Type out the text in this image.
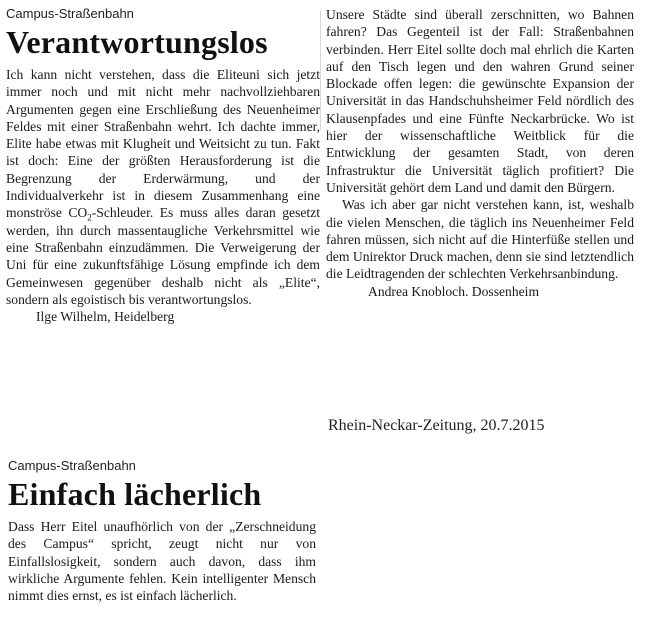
Campus-Straßenbahn

Verantwortungslos

Ich kann nicht verstehen, dass die Eliteuni sich jetzt immer noch und mit nicht mehr nachvollziehbaren Argumenten gegen eine Erschließung des Neuenheimer Feldes mit einer Straßenbahn wehrt. Ich dachte immer, Elite habe etwas mit Klugheit und Weitsicht zu tun. Fakt ist doch: Eine der größten Herausforderung ist die Begrenzung der Erderwärmung, und der Individualverkehr ist in diesem Zusammenhang eine monströse $CO_2$-Schleuder. Es muss alles daran gesetzt werden, ihn durch massentaugliche Verkehrsmittel wie eine Straßenbahn einzudämmen. Die Verweigerung der Uni für eine zukunftsfähige Lösung empfinde ich dem Gemeinwesen gegenüber deshalb nicht als „Elite“, sondern als egoistisch bis verantwortungslos.

Ilge Wilhelm, Heidelberg

Unsere Städte sind überall zerschnitten, wo Bahnen fahren? Das Gegenteil ist der Fall: Straßenbahnen verbinden. Herr Eitel sollte doch mal ehrlich die Karten auf den Tisch legen und den wahren Grund seiner Blockade offen legen: die gewünschte Expansion der Universität in das Handschuhsheimer Feld nördlich des Klausenpfades und eine Fünfte Neckarbrücke. Wo ist hier der wissenschaftliche Weitblick für die Entwicklung der gesamten Stadt, von deren Infrastruktur die Universität täglich profitiert? Die Universität gehört dem Land und damit den Bürgern.

Was ich aber gar nicht verstehen kann, ist, weshalb die vielen Menschen, die täglich ins Neuenheimer Feld fahren müssen, sich nicht auf die Hinterfüße stellen und dem Unirektor Druck machen, denn sie sind letztendlich die Leidtragenden der schlechten Verkehrsanbindung.

Andrea Knobloch. Dossenheim

Rhein-Neckar-Zeitung, 20.7.2015

Campus-Straßenbahn

Einfach lächerlich

Dass Herr Eitel unaufhörlich von der „Zerschneidung des Campus“ spricht, zeugt nicht nur von Einfallslosigkeit, sondern auch davon, dass ihm wirkliche Argumente fehlen. Kein intelligenter Mensch nimmt dies ernst, es ist einfach lächerlich.
